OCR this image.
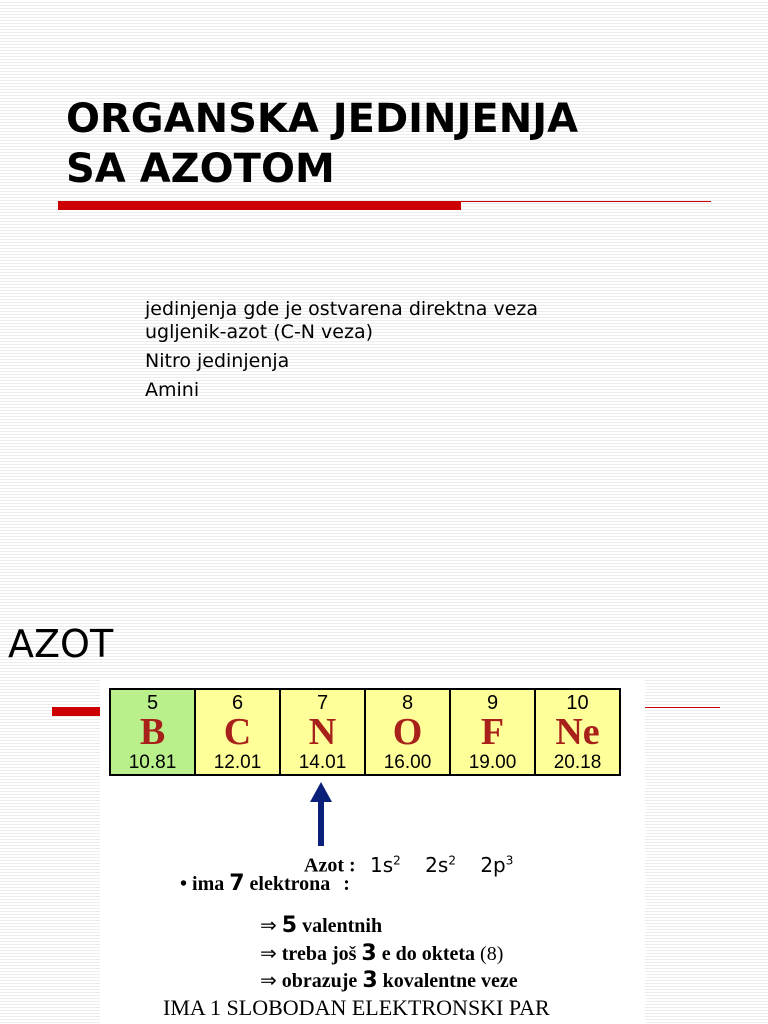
ORGANSKA JEDINJENJA
SA AZOTOM
jedinjenja gde je ostvarena direktna veza ugljenik-azot (C-N veza)
Nitro jedinjenja
Amini
AZOT
5
B
10.81
6
C
12.01
7
N
14.01
8
O
16.00
9
F
19.00
10
Ne
20.18
Azot : $1s^2$ $2s^2$ $2p^3$
• ima 7 elektrona :
⇒ 5 valentnih
⇒ treba još 3 e do okteta (8)
⇒ obrazuje 3 kovalentne veze
IMA 1 SLOBODAN ELEKTRONSKI PAR
